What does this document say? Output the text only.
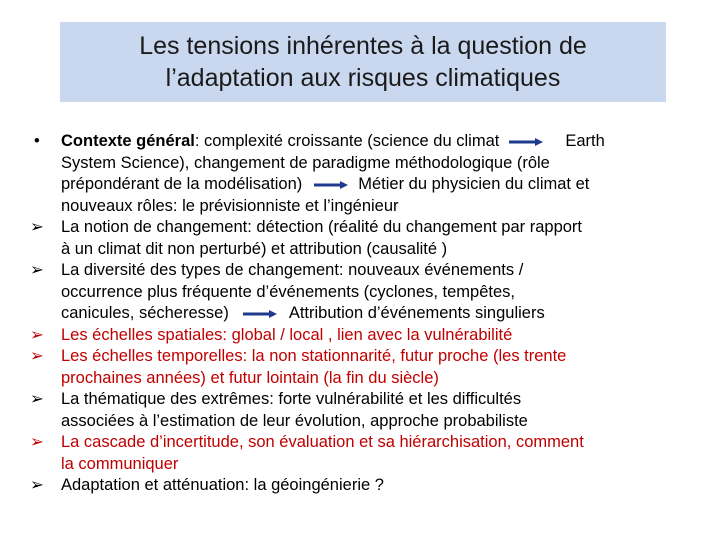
Les tensions inhérentes à la question de
l’adaptation aux risques climatiques
•	Contexte général: complexité croissante (science du climat	Earth
System Science), changement de paradigme méthodologique (rôle
prépondérant de la modélisation)	Métier du physicien du climat et
nouveaux rôles: le prévisionniste et l’ingénieur
➢	La notion de changement: détection (réalité du changement par rapport
à un climat dit non perturbé) et attribution (causalité )
➢	La diversité des types de changement: nouveaux événements /
occurrence plus fréquente d’événements (cyclones, tempêtes,
canicules, sécheresse)	Attribution d’événements singuliers
➢	Les échelles spatiales: global / local , lien avec la vulnérabilité
➢	Les échelles temporelles: la non stationnarité, futur proche (les trente
prochaines années) et futur lointain (la fin du siècle)
➢	La thématique des extrêmes: forte vulnérabilité et les difficultés
associées à l’estimation de leur évolution, approche probabiliste
➢	La cascade d’incertitude, son évaluation et sa hiérarchisation, comment
la communiquer
➢	Adaptation et atténuation: la géoingénierie ?
